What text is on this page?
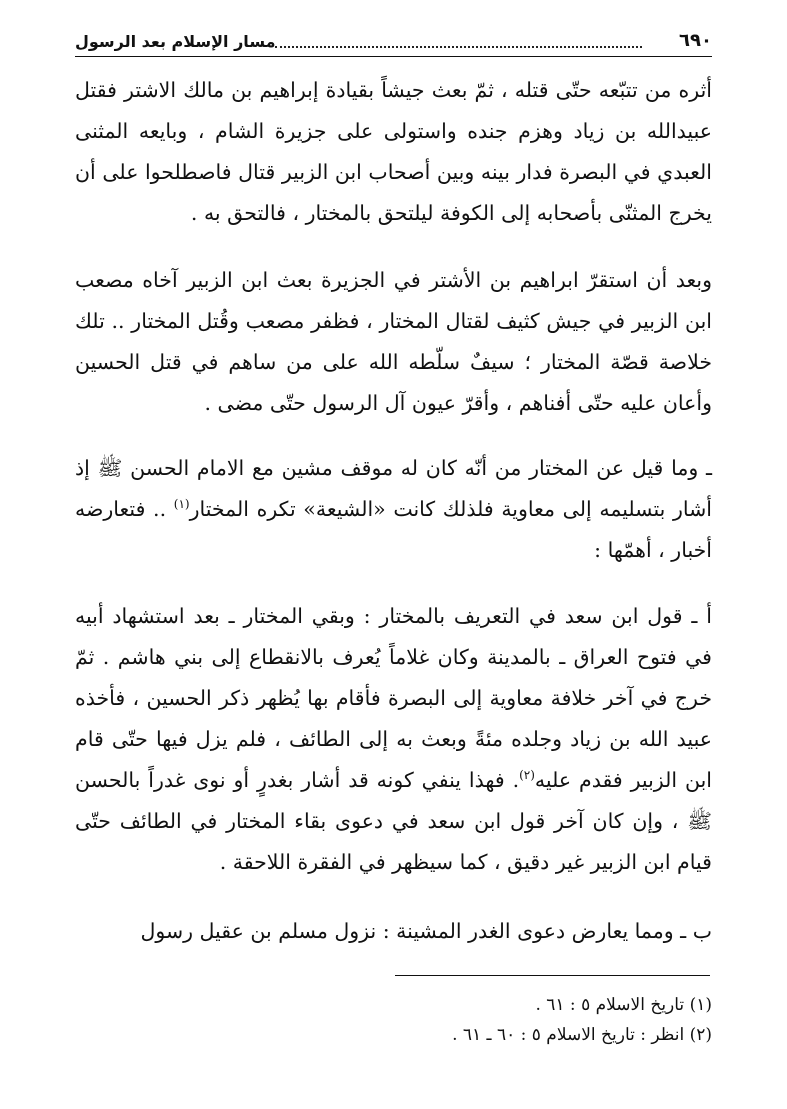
مسار الإسلام بعد الرسول	٦٩٠

أثره من تتبّعه حتّى قتله ، ثمّ بعث جيشاً بقيادة إبراهيم بن مالك الاشتر فقتل عبيدالله بن زياد وهزم جنده واستولى على جزيرة الشام ، وبايعه المثنى العبدي في البصرة فدار بينه وبين أصحاب ابن الزبير قتال فاصطلحوا على أن يخرج المثنّى بأصحابه إلى الكوفة ليلتحق بالمختار ، فالتحق به .

وبعد أن استقرّ ابراهيم بن الأشتر في الجزيرة بعث ابن الزبير آخاه مصعب ابن الزبير في جيش كثيف لقتال المختار ، فظفر مصعب وقُتل المختار .. تلك خلاصة قصّة المختار ؛ سيفٌ سلّطه الله على من ساهم في قتل الحسين وأعان عليه حتّى أفناهم ، وأقرّ عيون آل الرسول حتّى مضى .

ـ وما قيل عن المختار من أنّه كان له موقف مشين مع الامام الحسن ﷺ إذ أشار بتسليمه إلى معاوية فلذلك كانت «الشيعة» تكره المختار$^{(١)}$ .. فتعارضه أخبار ، أهمّها :

أ ـ قول ابن سعد في التعريف بالمختار : وبقي المختار ـ بعد استشهاد أبيه في فتوح العراق ـ بالمدينة وكان غلاماً يُعرف بالانقطاع إلى بني هاشم . ثمّ خرج في آخر خلافة معاوية إلى البصرة فأقام بها يُظهر ذكر الحسين ، فأخذه عبيد الله بن زياد وجلده مئةً وبعث به إلى الطائف ، فلم يزل فيها حتّى قام ابن الزبير فقدم عليه$^{(٢)}$. فهذا ينفي كونه قد أشار بغدرٍ أو نوى غدراً بالحسن ﷺ ، وإن كان آخر قول ابن سعد في دعوى بقاء المختار في الطائف حتّى قيام ابن الزبير غير دقيق ، كما سيظهر في الفقرة اللاحقة .

ب ـ ومما يعارض دعوى الغدر المشينة : نزول مسلم بن عقيل رسول

(١) تاريخ الاسلام ٥ : ٦١ .

(٢) انظر : تاريخ الاسلام ٥ : ٦٠ ـ ٦١ .
